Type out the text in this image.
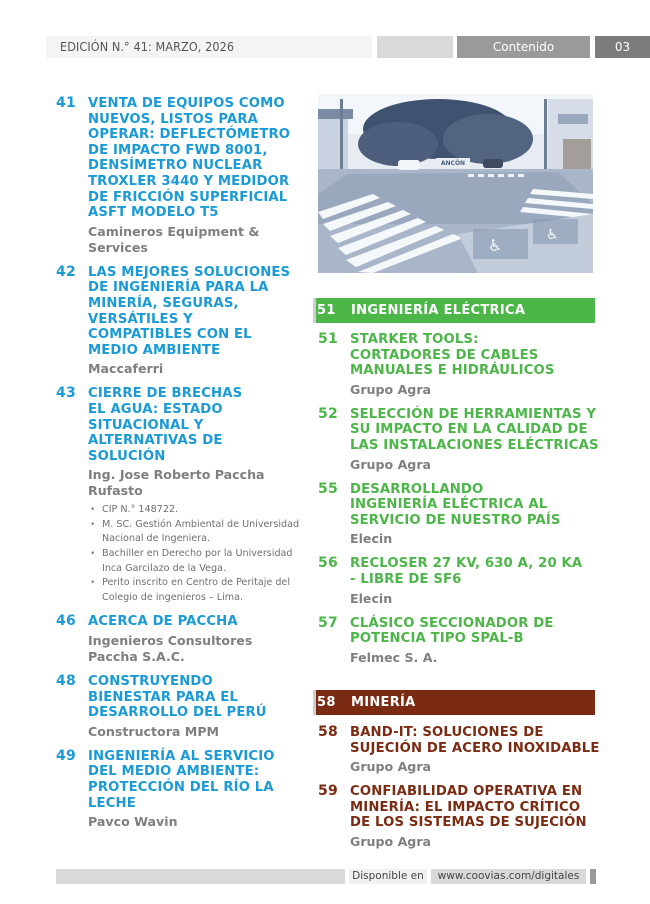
EDICIÓN N.° 41: MARZO, 2026	Contenido	03
41 VENTA DE EQUIPOS COMO NUEVOS, LISTOS PARA OPERAR: DEFLECTÓMETRO DE IMPACTO FWD 8001, DENSÍMETRO NUCLEAR TROXLER 3440 Y MEDIDOR DE FRICCIÓN SUPERFICIAL ASFT MODELO T5
Camineros Equipment & Services
42 LAS MEJORES SOLUCIONES DE INGENIERÍA PARA LA MINERÍA, SEGURAS, VERSÁTILES Y COMPATIBLES CON EL MEDIO AMBIENTE
Maccaferri
43 CIERRE DE BRECHAS EL AGUA: ESTADO SITUACIONAL Y ALTERNATIVAS DE SOLUCIÓN
Ing. Jose Roberto Paccha Rufasto
• CIP N.° 148722.
• M. SC. Gestión Ambiental de Universidad Nacional de Ingeniera.
• Bachiller en Derecho por la Universidad Inca Garcilazo de la Vega.
• Perito inscrito en Centro de Peritaje del Colegio de ingenieros – Lima.
46 ACERCA DE PACCHA
Ingenieros Consultores Paccha S.A.C.
48 CONSTRUYENDO BIENESTAR PARA EL DESARROLLO DEL PERÚ
Constructora MPM
49 INGENIERÍA AL SERVICIO DEL MEDIO AMBIENTE: PROTECCIÓN DEL RÍO LA LECHE
Pavco Wavin
ANCÓN
♿
♿
51	INGENIERÍA ELÉCTRICA
51 STARKER TOOLS: CORTADORES DE CABLES MANUALES E HIDRÁULICOS
Grupo Agra
52 SELECCIÓN DE HERRAMIENTAS Y SU IMPACTO EN LA CALIDAD DE LAS INSTALACIONES ELÉCTRICAS
Grupo Agra
55 DESARROLLANDO INGENIERÍA ELÉCTRICA AL SERVICIO DE NUESTRO PAÍS
Elecin
56 RECLOSER 27 KV, 630 A, 20 KA - LIBRE DE SF6
Elecin
57 CLÁSICO SECCIONADOR DE POTENCIA TIPO SPAL-B
Felmec S. A.
58	MINERÍA
58 BAND-IT: SOLUCIONES DE SUJECIÓN DE ACERO INOXIDABLE
Grupo Agra
59 CONFIABILIDAD OPERATIVA EN MINERÍA: EL IMPACTO CRÍTICO DE LOS SISTEMAS DE SUJECIÓN
Grupo Agra
Disponible en	www.coovias.com/digitales
